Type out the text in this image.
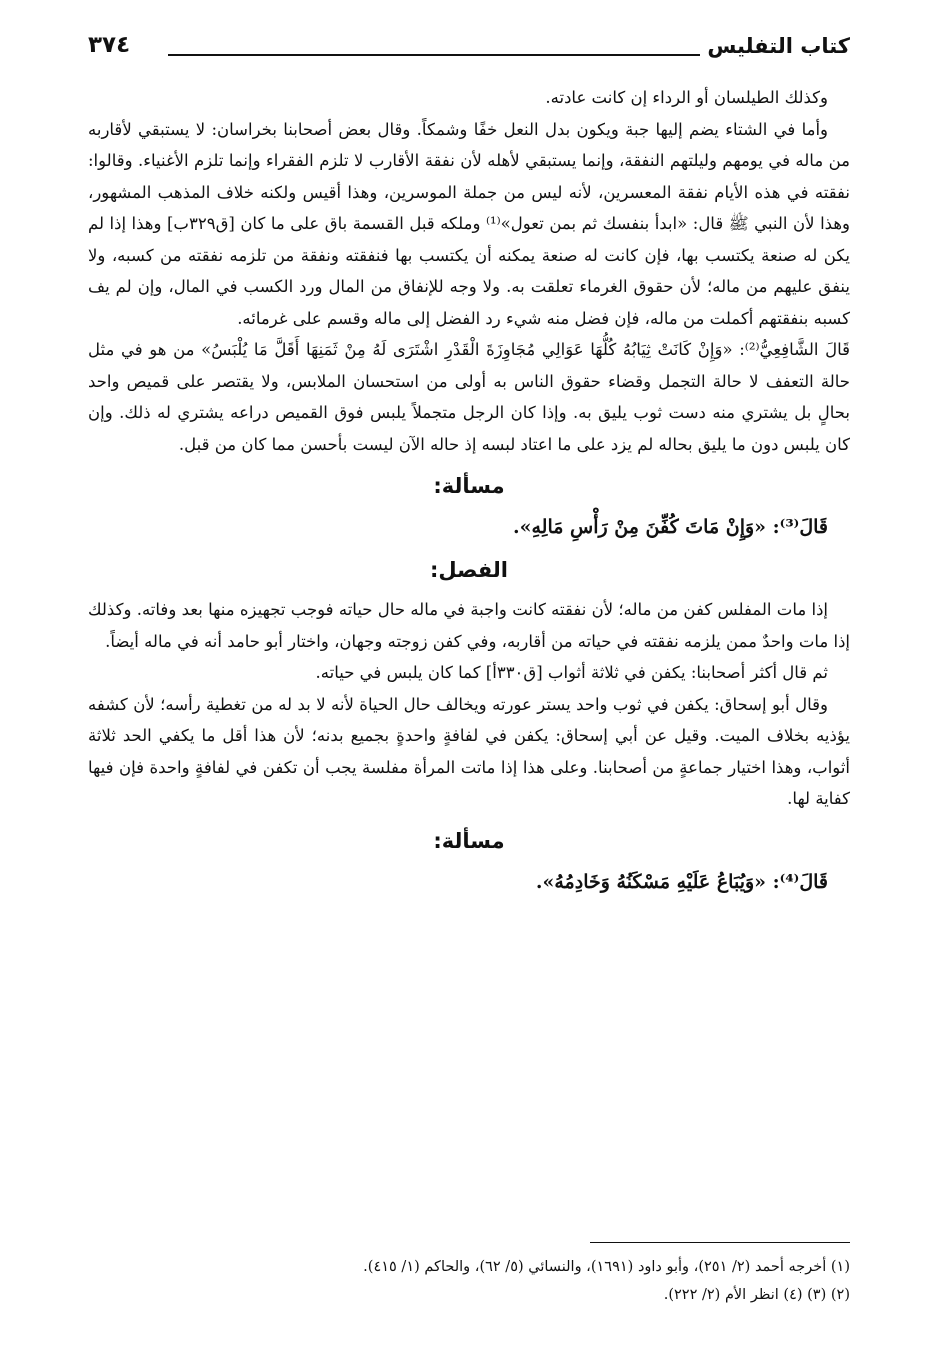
كتاب التفليس
٣٧٤

وكذلك الطيلسان أو الرداء إن كانت عادته.

وأما في الشتاء يضم إليها جبة ويكون بدل النعل خفًا وشمكاً. وقال بعض أصحابنا بخراسان: لا يستبقي لأقاربه من ماله في يومهم وليلتهم النفقة، وإنما يستبقي لأهله لأن نفقة الأقارب لا تلزم الفقراء وإنما تلزم الأغنياء. وقالوا: نفقته في هذه الأيام نفقة المعسرين، لأنه ليس من جملة الموسرين، وهذا أقيس ولكنه خلاف المذهب المشهور، وهذا لأن النبي ﷺ قال: «ابدأ بنفسك ثم بمن تعول»⁽¹⁾ وملكه قبل القسمة باق على ما كان [ق٣٢٩ب] وهذا إذا لم يكن له صنعة يكتسب بها، فإن كانت له صنعة يمكنه أن يكتسب بها فنفقته ونفقة من تلزمه نفقته من كسبه، ولا ينفق عليهم من ماله؛ لأن حقوق الغرماء تعلقت به. ولا وجه للإنفاق من المال ورد الكسب في المال، وإن لم يف كسبه بنفقتهم أكملت من ماله، فإن فضل منه شيء رد الفضل إلى ماله وقسم على غرمائه.

قَالَ الشَّافِعِيُّ⁽²⁾: «وَإِنْ كَانَتْ ثِيَابُهُ كُلُّهَا عَوَالِي مُجَاوِزَةَ الْقَدْرِ اشْتَرَى لَهُ مِنْ ثَمَنِهَا أَقَلَّ مَا يُلْبَسُ» من هو في مثل حالة التعفف لا حالة التجمل وقضاء حقوق الناس به أولى من استحسان الملابس، ولا يقتصر على قميص واحد بحالٍ بل يشتري منه دست ثوب يليق به. وإذا كان الرجل متجملاً يلبس فوق القميص دراعه يشتري له ذلك. وإن كان يلبس دون ما يليق بحاله لم يزد على ما اعتاد لبسه إذ حاله الآن ليست بأحسن مما كان من قبل.

مسألة:

قَالَ⁽³⁾: «وَإِنْ مَاتَ كُفِّنَ مِنْ رَأْسِ مَالِهِ».

الفصل:

إذا مات المفلس كفن من ماله؛ لأن نفقته كانت واجبة في ماله حال حياته فوجب تجهيزه منها بعد وفاته. وكذلك إذا مات واحدٌ ممن يلزمه نفقته في حياته من أقاربه، وفي كفن زوجته وجهان، واختار أبو حامد أنه في ماله أيضاً.

ثم قال أكثر أصحابنا: يكفن في ثلاثة أثواب [ق٣٣٠أ] كما كان يلبس في حياته.

وقال أبو إسحاق: يكفن في ثوب واحد يستر عورته ويخالف حال الحياة لأنه لا بد له من تغطية رأسه؛ لأن كشفه يؤذيه بخلاف الميت. وقيل عن أبي إسحاق: يكفن في لفافةٍ واحدةٍ بجميع بدنه؛ لأن هذا أقل ما يكفي الحد ثلاثة أثواب، وهذا اختيار جماعةٍ من أصحابنا. وعلى هذا إذا ماتت المرأة مفلسة يجب أن تكفن في لفافةٍ واحدة فإن فيها كفاية لها.

مسألة:

قَالَ⁽⁴⁾: «وَيُبَاعُ عَلَيْهِ مَسْكَنُهُ وَخَادِمُهُ».

(١) أخرجه أحمد (٢/ ٢٥١)، وأبو داود (١٦٩١)، والنسائي (٥/ ٦٢)، والحاكم (١/ ٤١٥).

(٢) (٣) (٤) انظر الأم (٢/ ٢٢٢).
